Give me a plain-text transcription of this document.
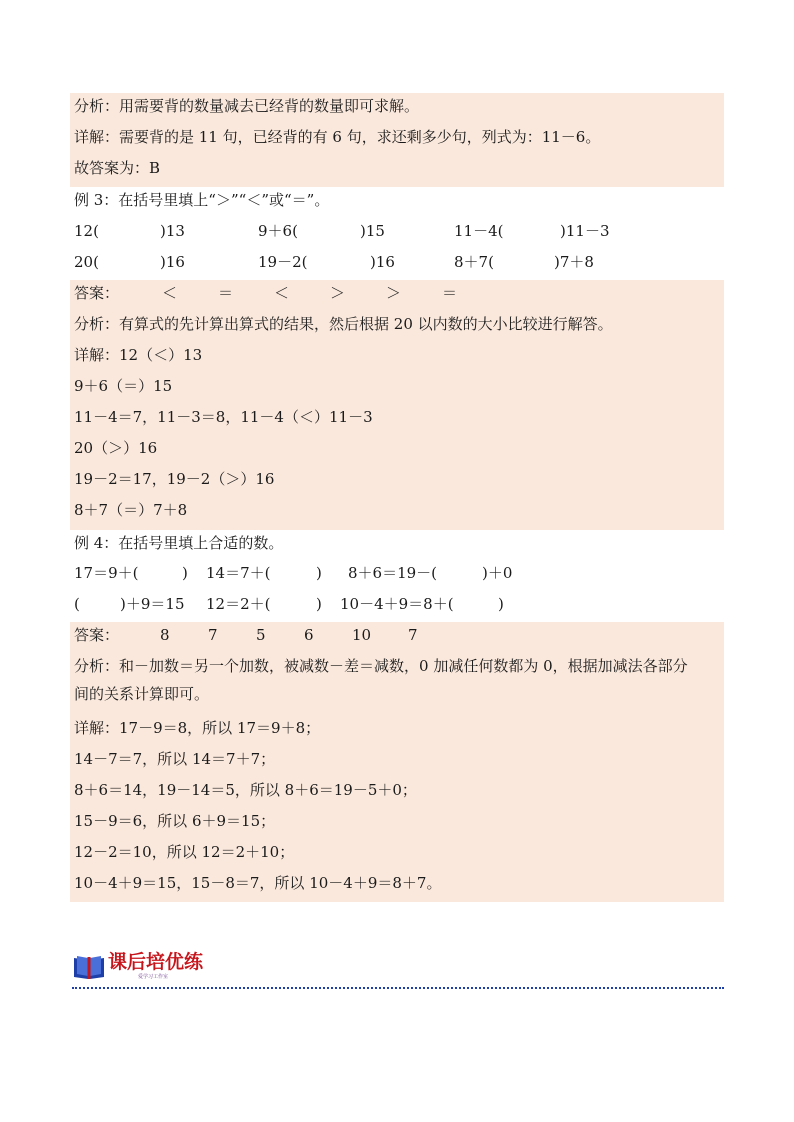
分析：用需要背的数量减去已经背的数量即可求解。
详解：需要背的是 11 句，已经背的有 6 句，求还剩多少句，列式为：11－6。
故答案为：B
例 3：在括号里填上“＞”“＜”或“＝”。
12(	)13	9＋6(	)15	11－4(	)11－3
20(	)16	19－2(	)16	8＋7(	)7＋8
答案：	＜	＝	＜	＞	＞	＝
分析：有算式的先计算出算式的结果，然后根据 20 以内数的大小比较进行解答。
详解：12（＜）13
9＋6（＝）15
11－4＝7，11－3＝8，11－4（＜）11－3
20（＞）16
19－2＝17，19－2（＞）16
8＋7（＝）7＋8
例 4：在括号里填上合适的数。
17＝9＋(	) 14＝7＋(	) 8＋6＝19－(	)＋0
(	)＋9＝15 12＝2＋(	) 10－4＋9＝8＋(	)
答案：	8	7	5	6	10 7
分析：和－加数＝另一个加数，被减数－差＝减数，0 加减任何数都为 0，根据加减法各部分
间的关系计算即可。
详解：17－9＝8，所以 17＝9＋8；
14－7＝7，所以 14＝7＋7；
8＋6＝14，19－14＝5，所以 8＋6＝19－5＋0；
15－9＝6，所以 6＋9＝15；
12－2＝10，所以 12＝2＋10；
10－4＋9＝15，15－8＝7，所以 10－4＋9＝8＋7。
课后培优练
爱学习工作室
